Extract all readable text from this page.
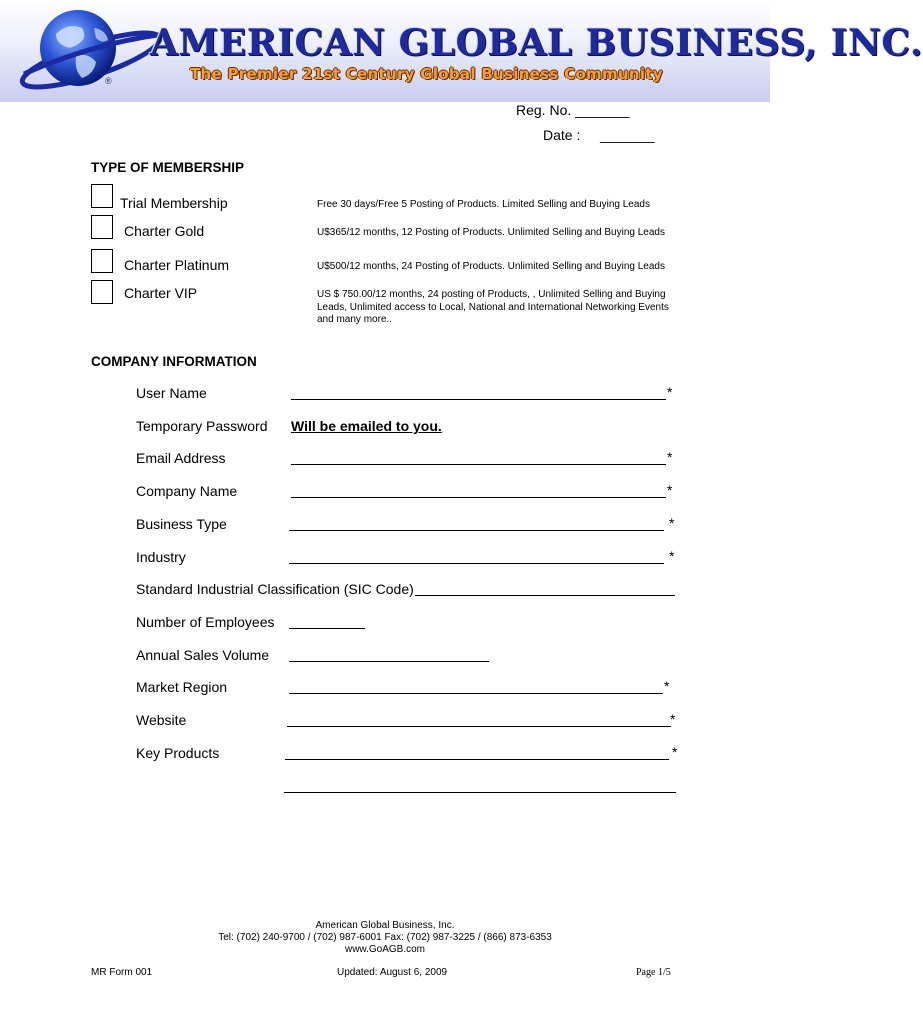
®
AMERICAN GLOBAL BUSINESS, INC.
The Premier 21st Century Global Business Community
Reg. No. _______
Date : _______
TYPE OF MEMBERSHIP
Trial Membership	Free 30 days/Free 5 Posting of Products. Limited Selling and Buying Leads
Charter Gold	U$365/12 months, 12 Posting of Products. Unlimited Selling and Buying Leads
Charter Platinum	U$500/12 months, 24 Posting of Products. Unlimited Selling and Buying Leads
Charter VIP	US $ 750.00/12 months, 24 posting of Products, , Unlimited Selling and Buying Leads, Unlimited access to Local, National and International Networking Events and many more..
COMPANY INFORMATION
User Name	*
Temporary Password Will be emailed to you.
Email Address	*
Company Name	*
Business Type	*
Industry	*
Standard Industrial Classification (SIC Code)
Number of Employees
Annual Sales Volume
Market Region	*
Website	*
Key Products	*
American Global Business, Inc.
Tel: (702) 240-9700 / (702) 987-6001 Fax: (702) 987-3225 / (866) 873-6353
www.GoAGB.com
MR Form 001	Updated: August 6, 2009	Page 1/5
